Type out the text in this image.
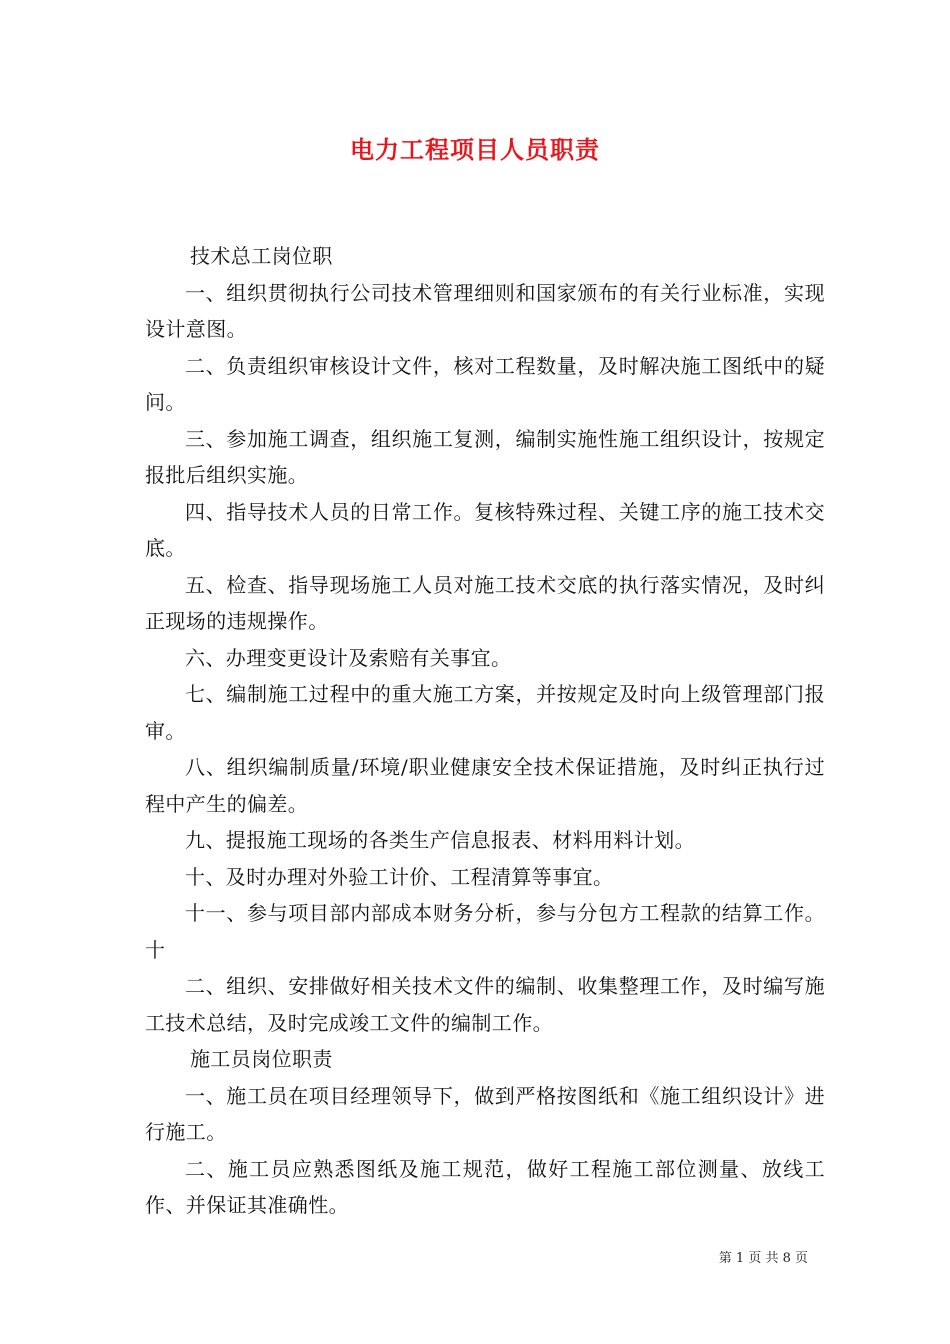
电力工程项目人员职责

技术总工岗位职

一、组织贯彻执行公司技术管理细则和国家颁布的有关行业标准，实现设计意图。

二、负责组织审核设计文件，核对工程数量，及时解决施工图纸中的疑问。

三、参加施工调查，组织施工复测，编制实施性施工组织设计，按规定报批后组织实施。

四、指导技术人员的日常工作。复核特殊过程、关键工序的施工技术交底。

五、检查、指导现场施工人员对施工技术交底的执行落实情况，及时纠正现场的违规操作。

六、办理变更设计及索赔有关事宜。

七、编制施工过程中的重大施工方案，并按规定及时向上级管理部门报审。

八、组织编制质量/环境/职业健康安全技术保证措施，及时纠正执行过程中产生的偏差。

九、提报施工现场的各类生产信息报表、材料用料计划。

十、及时办理对外验工计价、工程清算等事宜。

十一、参与项目部内部成本财务分析，参与分包方工程款的结算工作。十

二、组织、安排做好相关技术文件的编制、收集整理工作，及时编写施工技术总结，及时完成竣工文件的编制工作。

施工员岗位职责

一、施工员在项目经理领导下，做到严格按图纸和《施工组织设计》进行施工。

二、施工员应熟悉图纸及施工规范，做好工程施工部位测量、放线工作、并保证其准确性。

第 1 页 共 8 页
